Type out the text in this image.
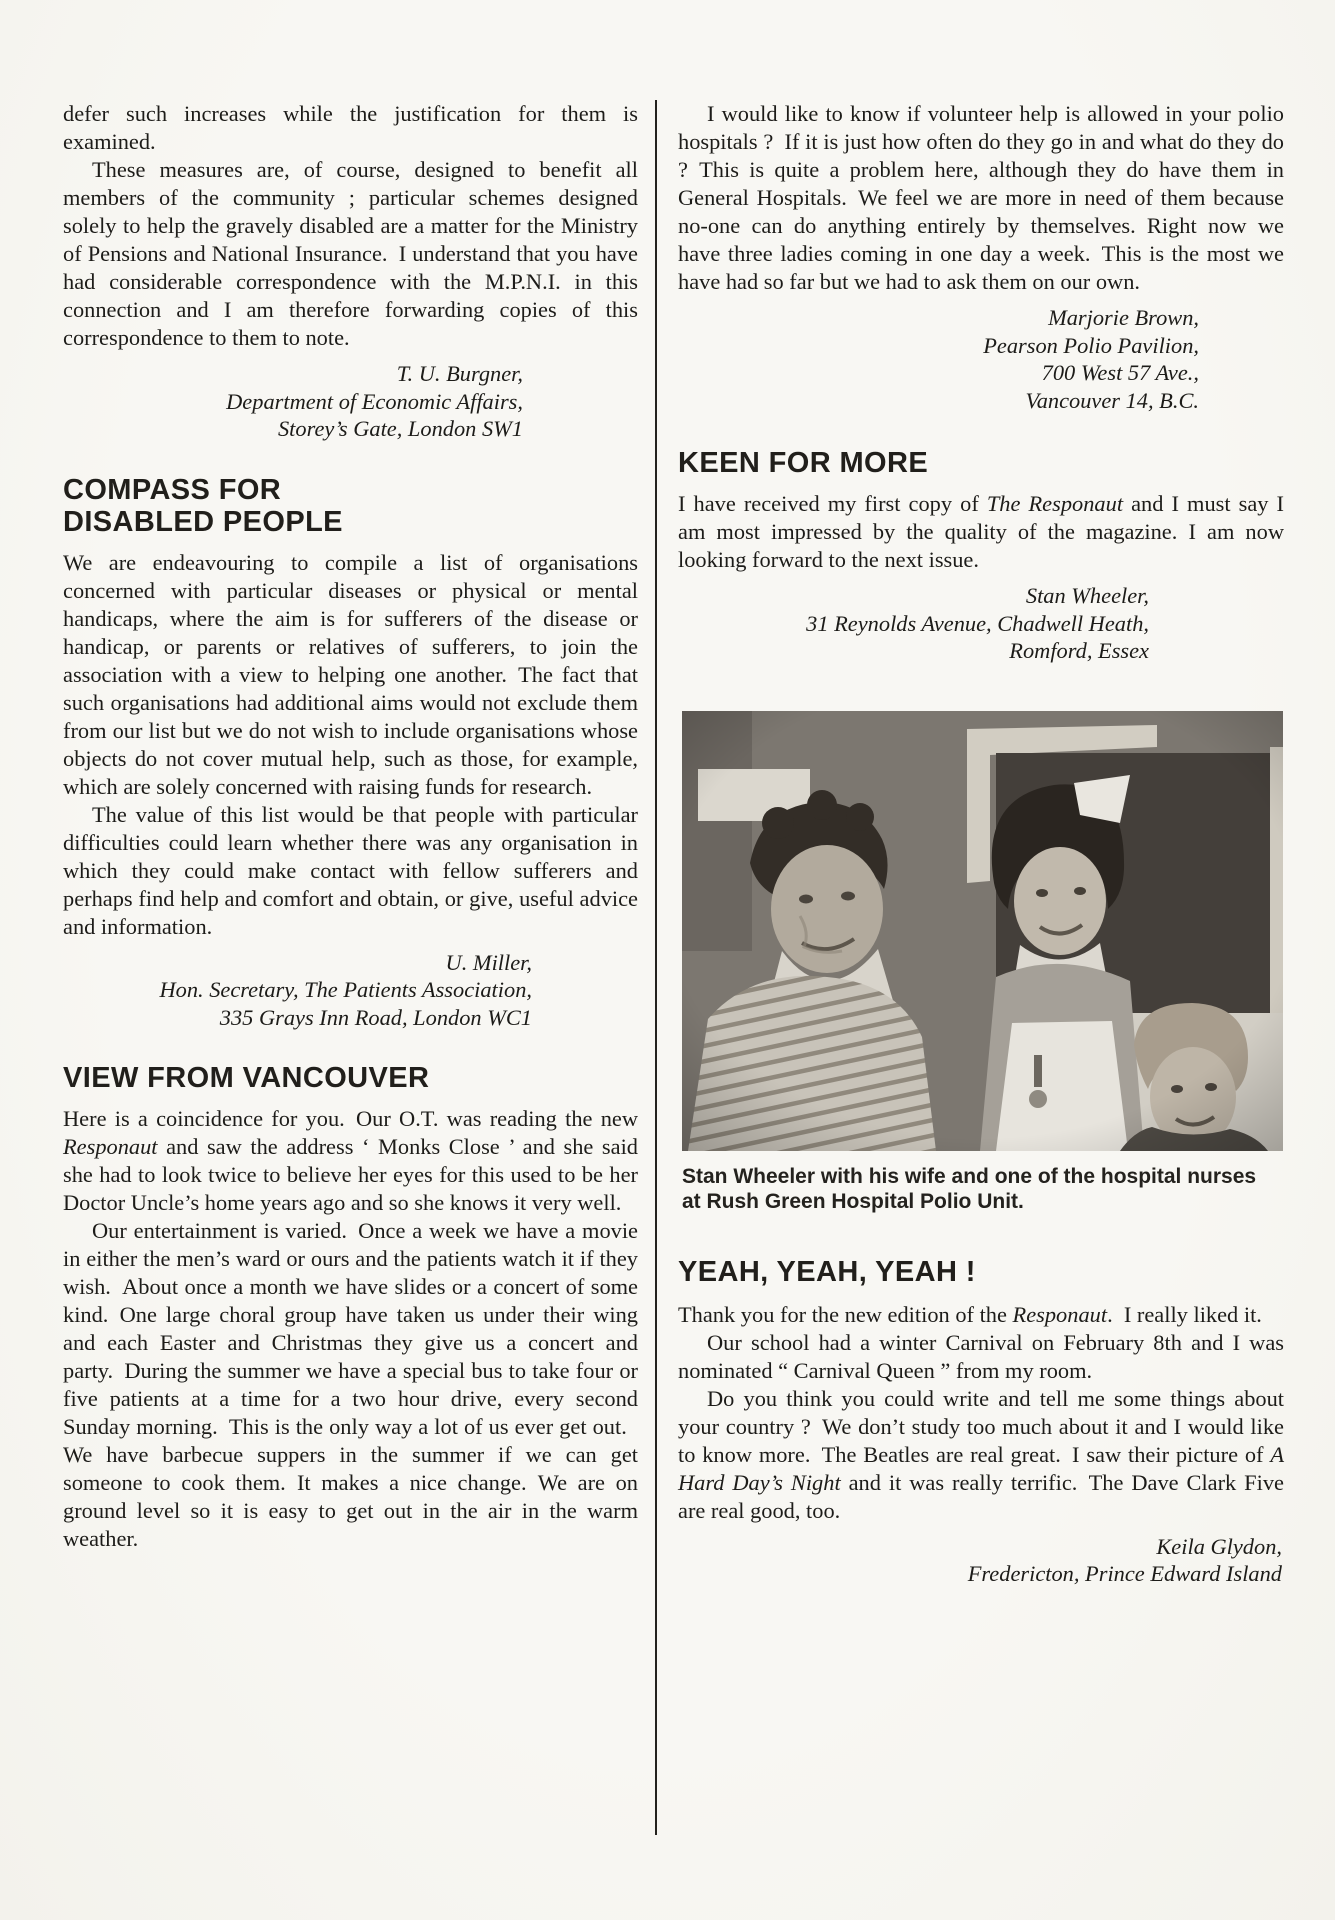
defer such increases while the justification for them is examined.

These measures are, of course, designed to benefit all members of the community ; particular schemes designed solely to help the gravely disabled are a matter for the Ministry of Pensions and National Insurance. I understand that you have had considerable correspondence with the M.P.N.I. in this connection and I am therefore forwarding copies of this correspondence to them to note.

T. U. Burgner,
Department of Economic Affairs,
Storey’s Gate, London SW1
COMPASS FOR
DISABLED PEOPLE

We are endeavouring to compile a list of organisations concerned with particular diseases or physical or mental handicaps, where the aim is for sufferers of the disease or handicap, or parents or relatives of sufferers, to join the association with a view to helping one another. The fact that such organisations had additional aims would not exclude them from our list but we do not wish to include organisations whose objects do not cover mutual help, such as those, for example, which are solely concerned with raising funds for research.

The value of this list would be that people with particular difficulties could learn whether there was any organisation in which they could make contact with fellow sufferers and perhaps find help and comfort and obtain, or give, useful advice and information.

U. Miller,
Hon. Secretary, The Patients Association,
335 Grays Inn Road, London WC1
VIEW FROM VANCOUVER

Here is a coincidence for you. Our O.T. was reading the new Responaut and saw the address ‘ Monks Close ’ and she said she had to look twice to believe her eyes for this used to be her Doctor Uncle’s home years ago and so she knows it very well.

Our entertainment is varied. Once a week we have a movie in either the men’s ward or ours and the patients watch it if they wish. About once a month we have slides or a concert of some kind. One large choral group have taken us under their wing and each Easter and Christmas they give us a concert and party. During the summer we have a special bus to take four or five patients at a time for a two hour drive, every second Sunday morning. This is the only way a lot of us ever get out. We have barbecue suppers in the summer if we can get someone to cook them. It makes a nice change. We are on ground level so it is easy to get out in the air in the warm weather.

I would like to know if volunteer help is allowed in your polio hospitals ? If it is just how often do they go in and what do they do ? This is quite a problem here, although they do have them in General Hospitals. We feel we are more in need of them because no-one can do anything entirely by themselves. Right now we have three ladies coming in one day a week. This is the most we have had so far but we had to ask them on our own.

Marjorie Brown,
Pearson Polio Pavilion,
700 West 57 Ave.,
Vancouver 14, B.C.
KEEN FOR MORE

I have received my first copy of The Responaut and I must say I am most impressed by the quality of the magazine. I am now looking forward to the next issue.

Stan Wheeler,
31 Reynolds Avenue, Chadwell Heath,
Romford, Essex
Stan Wheeler with his wife and one of the hospital nurses at Rush Green Hospital Polio Unit.
YEAH, YEAH, YEAH !

Thank you for the new edition of the Responaut. I really liked it.

Our school had a winter Carnival on February 8th and I was nominated “ Carnival Queen ” from my room.

Do you think you could write and tell me some things about your country ? We don’t study too much about it and I would like to know more. The Beatles are real great. I saw their picture of A Hard Day’s Night and it was really terrific. The Dave Clark Five are real good, too.

Keila Glydon,
Fredericton, Prince Edward Island
